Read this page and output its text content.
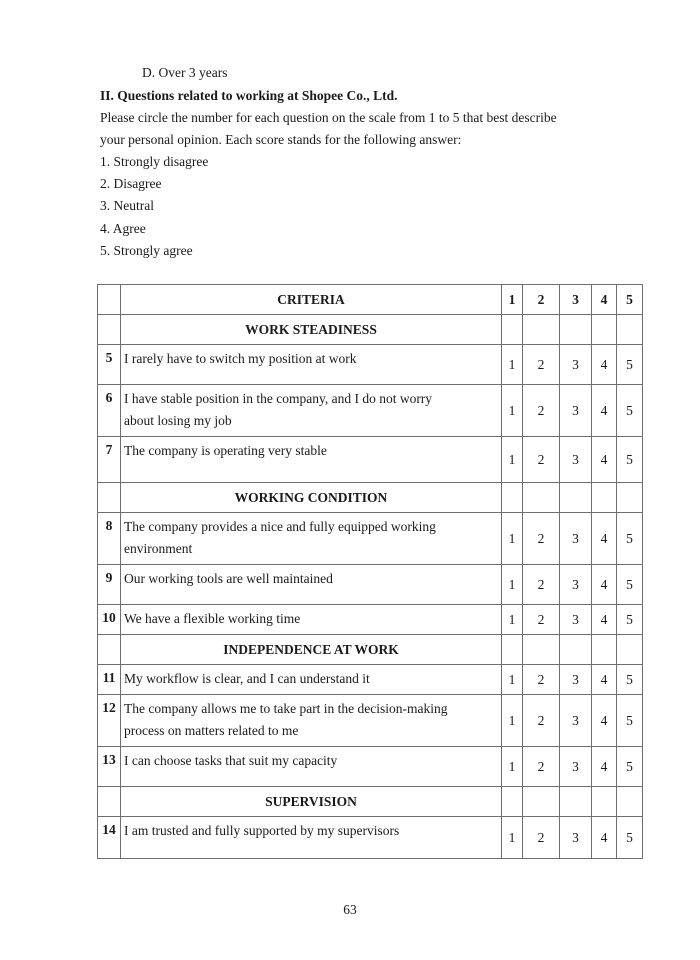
D. Over 3 years
II. Questions related to working at Shopee Co., Ltd.
Please circle the number for each question on the scale from 1 to 5 that best describe
your personal opinion. Each score stands for the following answer:
1. Strongly disagree
2. Disagree
3. Neutral
4. Agree
5. Strongly agree
	CRITERIA	1	2	3	4	5
	WORK STEADINESS					
5	I rarely have to switch my position at work	1	2	3	4	5
6	I have stable position in the company, and I do not worry
about losing my job	1	2	3	4	5
7	The company is operating very stable	1	2	3	4	5
	WORKING CONDITION					
8	The company provides a nice and fully equipped working
environment	1	2	3	4	5
9	Our working tools are well maintained	1	2	3	4	5
10	We have a flexible working time	1	2	3	4	5
	INDEPENDENCE AT WORK					
11	My workflow is clear, and I can understand it	1	2	3	4	5
12	The company allows me to take part in the decision-making
process on matters related to me	1	2	3	4	5
13	I can choose tasks that suit my capacity	1	2	3	4	5
	SUPERVISION					
14	I am trusted and fully supported by my supervisors	1	2	3	4	5
63
